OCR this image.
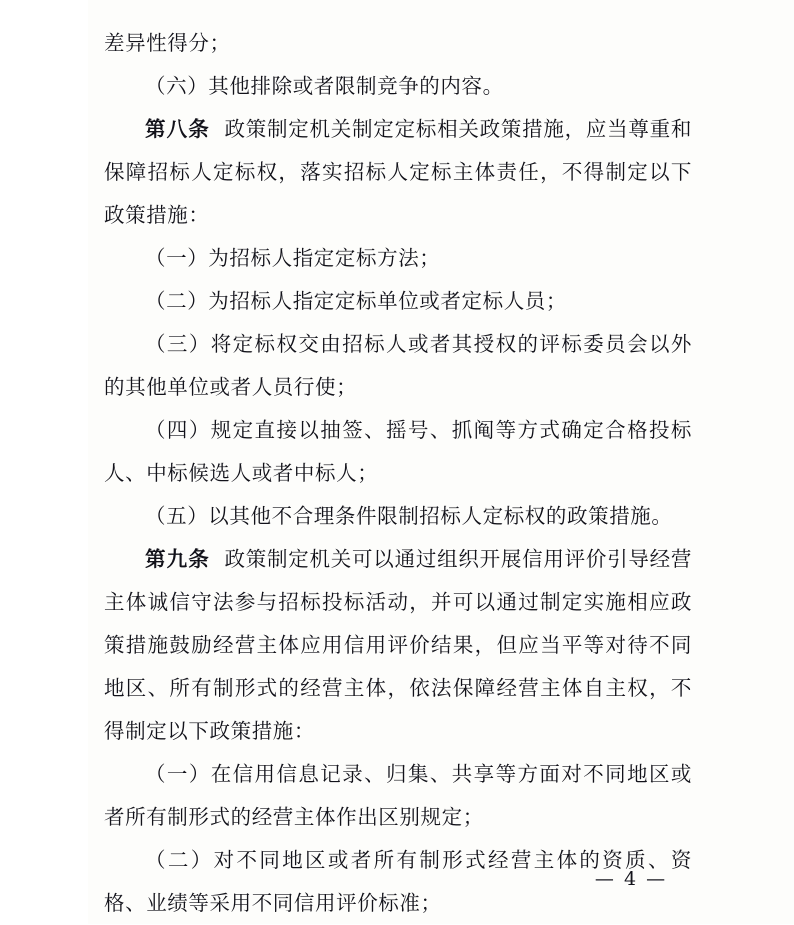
差异性得分；

（六）其他排除或者限制竞争的内容。

第八条 政策制定机关制定定标相关政策措施，应当尊重和保障招标人定标权，落实招标人定标主体责任，不得制定以下政策措施：

（一）为招标人指定定标方法；

（二）为招标人指定定标单位或者定标人员；

（三）将定标权交由招标人或者其授权的评标委员会以外的其他单位或者人员行使；

（四）规定直接以抽签、摇号、抓阄等方式确定合格投标人、中标候选人或者中标人；

（五）以其他不合理条件限制招标人定标权的政策措施。

第九条 政策制定机关可以通过组织开展信用评价引导经营主体诚信守法参与招标投标活动，并可以通过制定实施相应政策措施鼓励经营主体应用信用评价结果，但应当平等对待不同地区、所有制形式的经营主体，依法保障经营主体自主权，不得制定以下政策措施：

（一）在信用信息记录、归集、共享等方面对不同地区或者所有制形式的经营主体作出区别规定；

（二）对不同地区或者所有制形式经营主体的资质、资格、业绩等采用不同信用评价标准；

— 4 —
